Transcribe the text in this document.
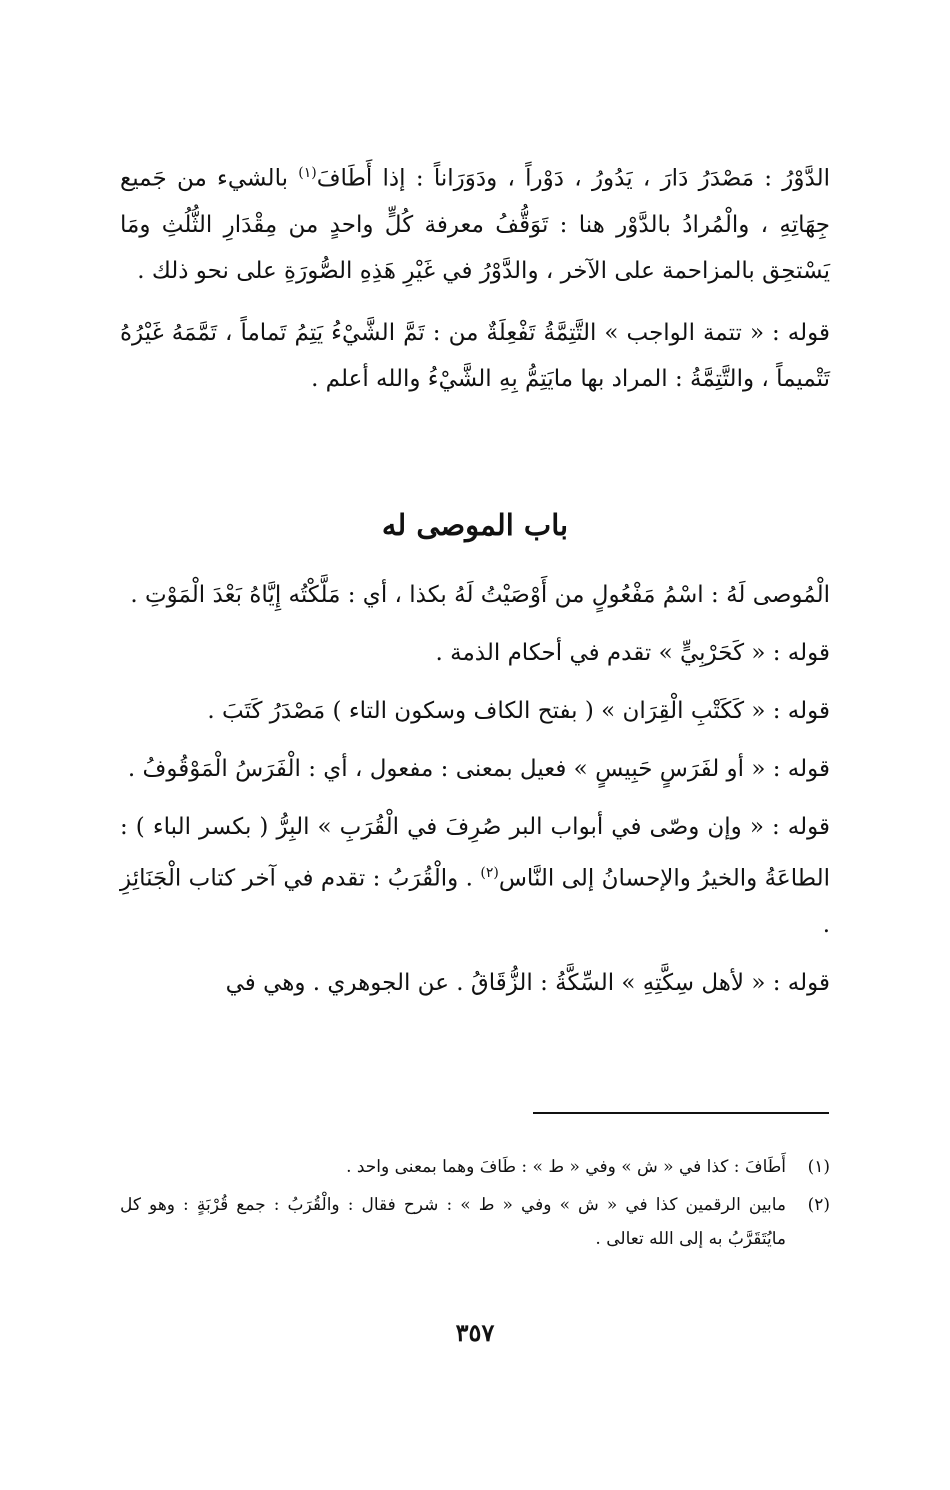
الدَّوْرُ : مَصْدَرُ دَارَ ، يَدُورُ ، دَوْراً ، ودَوَرَاناً : إذا أَطَافَ$^{(١)}$ بالشيء من جَميع جِهَاتِهِ ، والْمُرادُ بالدَّوْر هنا : تَوَقُّفُ معرفة كُلٍّ واحدٍ من مِقْدَارِ الثُّلُثِ ومَا يَسْتحِق بالمزاحمة على الآخر ، والدَّوْرُ في غَيْرِ هَذِهِ الصُّورَةِ على نحو ذلك .

قوله : « تتمة الواجب » التَّتِمَّةُ تَفْعِلَةٌ من : تَمَّ الشَّيْءُ يَتِمُ تَماماً ، تَمَّمَهُ غَيْرُهُ تَتْميماً ، والتَّتِمَّةُ : المراد بها مايَتِمُّ بِهِ الشَّيْءُ والله أعلم .

باب الموصى له

الْمُوصى لَهُ : اسْمُ مَفْعُولٍ من أَوْصَيْتُ لَهُ بكذا ، أي : مَلَّكْتُه إِيَّاهُ بَعْدَ الْمَوْتِ .

قوله : « كَحَرْبِيٍّ » تقدم في أحكام الذمة .

قوله : « كَكَتْبِ الْقِرَان » ( بفتح الكاف وسكون التاء ) مَصْدَرُ كَتَبَ .

قوله : « أو لفَرَسٍ حَبِيسٍ » فعيل بمعنى : مفعول ، أي : الْفَرَسُ الْمَوْقُوفُ .

قوله : « وإن وصّى في أبواب البر صُرِفَ في الْقُرَبِ » البِرُّ ( بكسر الباء ) : الطاعَةُ والخيرُ والإحسانُ إلى النَّاس$^{(٢)}$ . والْقُرَبُ : تقدم في آخر كتاب الْجَنَائِزِ .

قوله : « لأهل سِكَّتِهِ » السِّكَّةُ : الزُّقَاقُ . عن الجوهري . وهي في

(١)
أَطَافَ : كذا في « ش » وفي « ط » : طَافَ وهما بمعنى واحد .
(٢)
مابين الرقمين كذا في « ش » وفي « ط » : شرح فقال : والْقُرَبُ : جمع قُرْبَةٍ : وهو كل مايُتَقَرَّبُ به إلى الله تعالى .
٣٥٧
